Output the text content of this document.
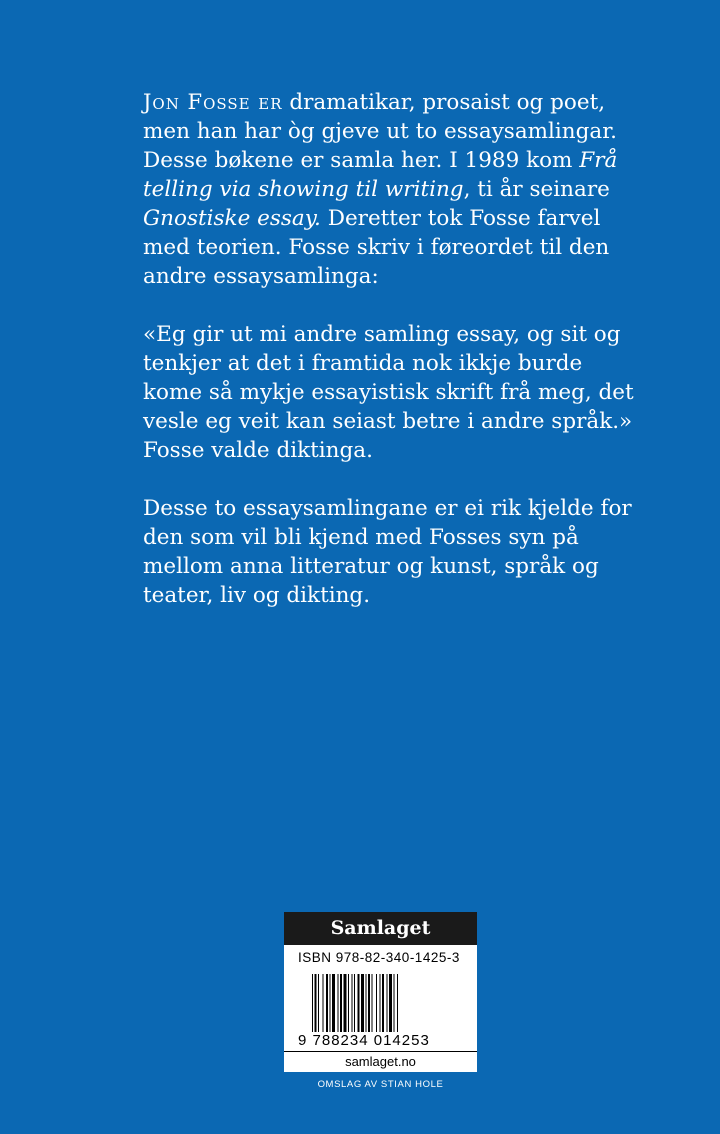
Jon Fosse er dramatikar, prosaist og poet, men han har òg gjeve ut to essaysamlingar. Desse bøkene er samla her. I 1989 kom Frå telling via showing til writing, ti år seinare Gnostiske essay. Deretter tok Fosse farvel med teorien. Fosse skriv i føreordet til den andre essaysamlinga:

«Eg gir ut mi andre samling essay, og sit og tenkjer at det i framtida nok ikkje burde kome så mykje essayistisk skrift frå meg, det vesle eg veit kan seiast betre i andre språk.» Fosse valde diktinga.

Desse to essaysamlingane er ei rik kjelde for den som vil bli kjend med Fosses syn på mellom anna litteratur og kunst, språk og teater, liv og dikting.

Samlaget
ISBN 978-82-340-1425-3
9 788234 014253
samlaget.no
OMSLAG AV STIAN HOLE
